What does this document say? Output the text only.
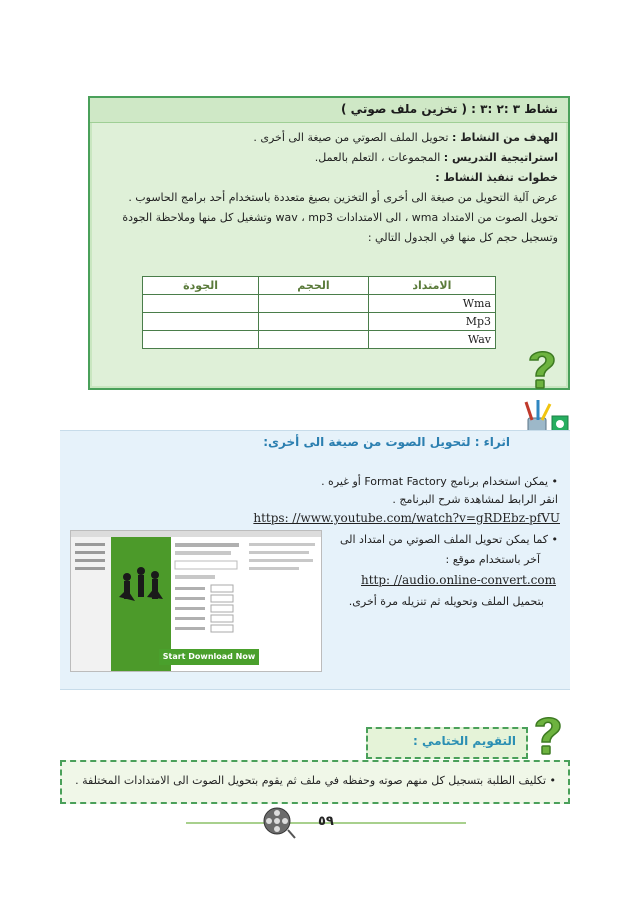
نشاط ٣ :٢ :٣ : ( تخزين ملف صوتي )
الهدف من النشاط : تحويل الملف الصوتي من صيغة الى أخرى .
استراتيجية التدريس : المجموعات ، التعلم بالعمل.
خطوات تنفيذ النشاط :
عرض آلية التحويل من صيغة الى أخرى أو التخزين بصيغ متعددة باستخدام أحد برامج الحاسوب .
تحويل الصوت من الامتداد wma ، الى الامتدادات wav ، mp3 وتشغيل كل منها وملاحظة الجودة
وتسجيل حجم كل منها في الجدول التالي :
الامتداد	الحجم	الجودة
Wma		
Mp3		
Wav		
اثراء : لتحويل الصوت من صيغة الى أخرى:
• يمكن استخدام برنامج Format Factory أو غيره .
انقر الرابط لمشاهدة شرح البرنامج .
https: //www.youtube.com/watch?v=gRDEbz-pfVU
• كما يمكن تحويل الملف الصوتي من امتداد الى
آخر باستخدام موقع :
http: //audio.online-convert.com
بتحميل الملف وتحويله ثم تنزيله مرة أخرى.
Start Download Now
التقويم الختامي :
• تكليف الطلبة بتسجيل كل منهم صوته وحفظه في ملف ثم يقوم بتحويل الصوت الى الامتدادات المختلفة .
٥٩
